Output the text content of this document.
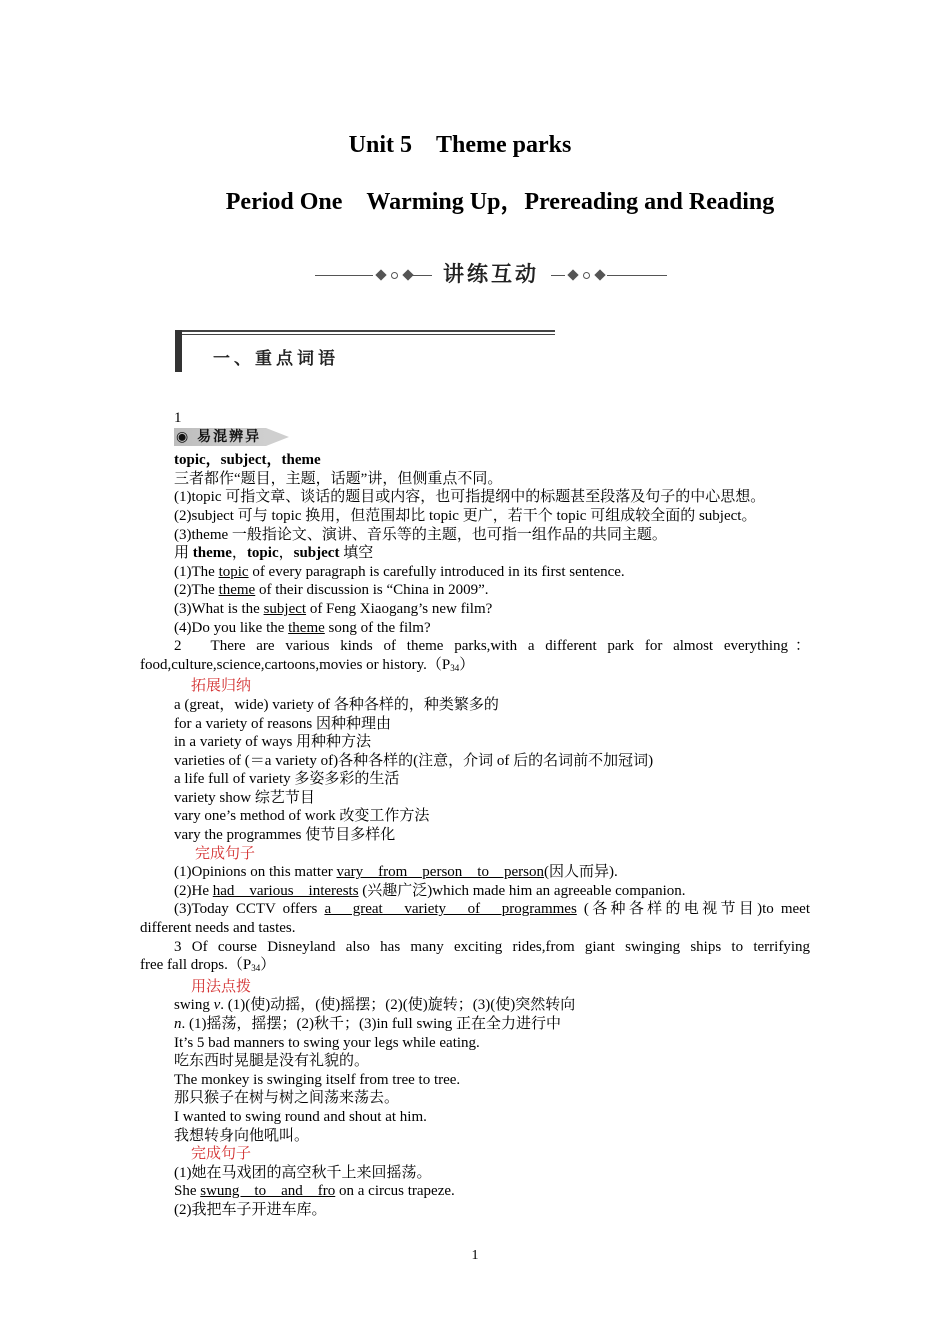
Unit 5　Theme parks
Period One　Warming Up，Prereading and Reading
讲练互动
一、重点词语
1
◉ 易混辨异
topic，subject，theme
三者都作“题目，主题，话题”讲，但侧重点不同。
(1)topic 可指文章、谈话的题目或内容，也可指提纲中的标题甚至段落及句子的中心思想。
(2)subject 可与 topic 换用，但范围却比 topic 更广，若干个 topic 可组成较全面的 subject。
(3)theme 一般指论文、演讲、音乐等的主题，也可指一组作品的共同主题。
用 theme，topic，subject 填空
(1)The topic of every paragraph is carefully introduced in its first sentence.
(2)The theme of their discussion is “China in 2009”.
(3)What is the subject of Feng Xiaogang’s new film?
(4)Do you like the theme song of the film?
2　There are various kinds of theme parks,with a different park for almost everything：
food,culture,science,cartoons,movies or $history.(P_{34})$
拓展归纳
a (great，wide) variety of 各种各样的，种类繁多的
for a variety of reasons 因种种理由
in a variety of ways 用种种方法
varieties of (＝a variety of)各种各样的(注意，介词 of 后的名词前不加冠词)
a life full of variety 多姿多彩的生活
variety show 综艺节目
vary one’s method of work 改变工作方法
vary the programmes 使节目多样化
完成句子
(1)Opinions on this matter vary　from　person　to　person(因人而异).
(2)He had　various　interests (兴趣广泛)which made him an agreeable companion.
(3)Today CCTV offers a　great　variety　of　programmes (各种各样的电视节目)to meet
different needs and tastes.
3 Of course Disneyland also has many exciting rides,from giant swinging ships to terrifying
free fall $drops.(P_{34})$
用法点拨
swing v. (1)(使)动摇，(使)摇摆；(2)(使)旋转；(3)(使)突然转向
n. (1)摇荡，摇摆；(2)秋千；(3)in full swing 正在全力进行中
It’s 5 bad manners to swing your legs while eating.
吃东西时晃腿是没有礼貌的。
The monkey is swinging itself from tree to tree.
那只猴子在树与树之间荡来荡去。
I wanted to swing round and shout at him.
我想转身向他吼叫。
完成句子
(1)她在马戏团的高空秋千上来回摇荡。
She swung　to　and　fro on a circus trapeze.
(2)我把车子开进车库。
1
